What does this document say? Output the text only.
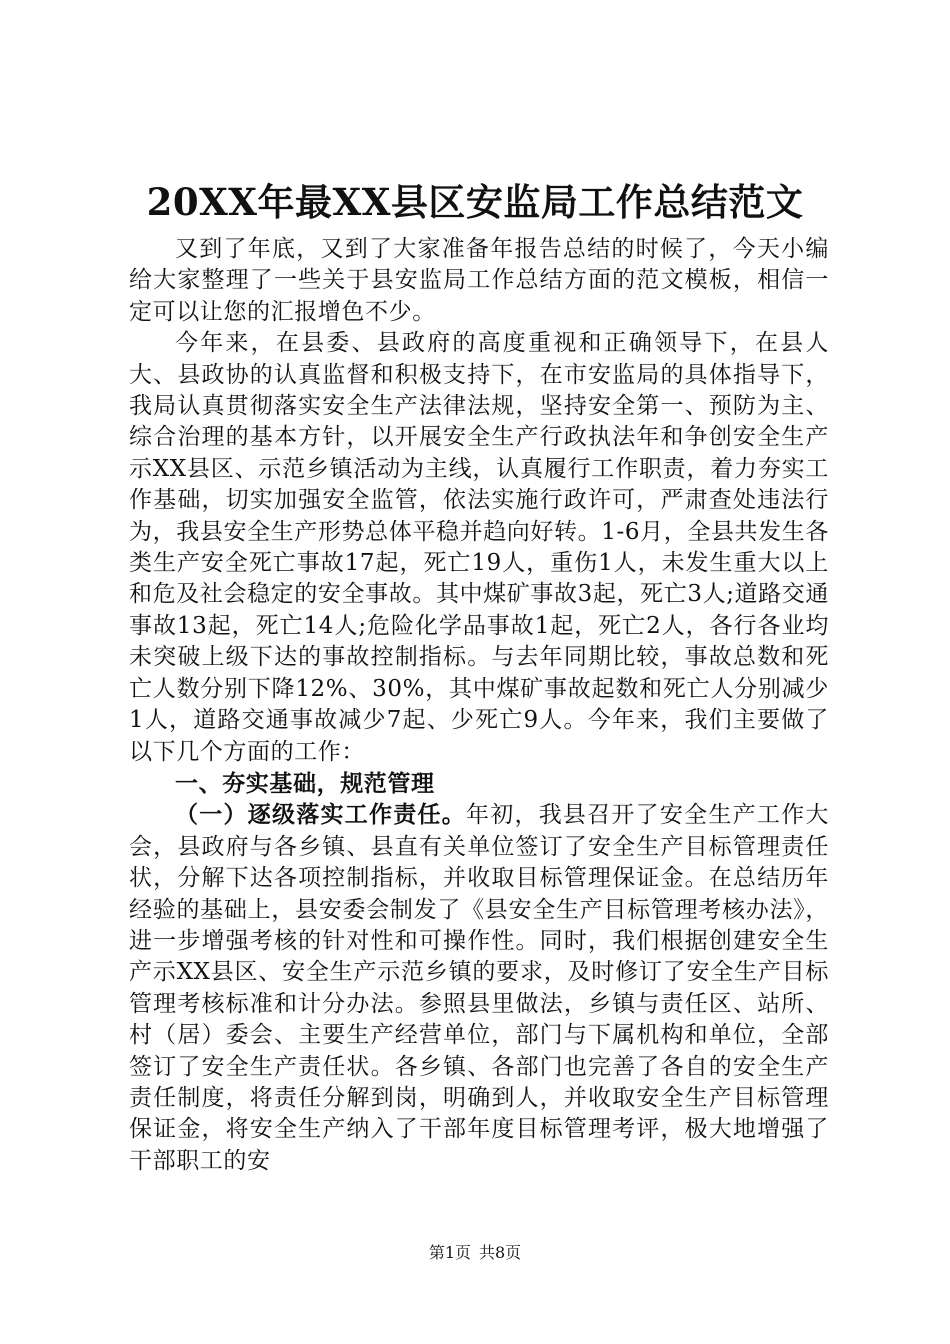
20XX年最XX县区安监局工作总结范文

又到了年底，又到了大家准备年报告总结的时候了，今天小编给大家整理了一些关于县安监局工作总结方面的范文模板，相信一定可以让您的汇报增色不少。

今年来，在县委、县政府的高度重视和正确领导下，在县人大、县政协的认真监督和积极支持下，在市安监局的具体指导下，我局认真贯彻落实安全生产法律法规，坚持安全第一、预防为主、综合治理的基本方针，以开展安全生产行政执法年和争创安全生产示XX县区、示范乡镇活动为主线，认真履行工作职责，着力夯实工作基础，切实加强安全监管，依法实施行政许可，严肃查处违法行为，我县安全生产形势总体平稳并趋向好转。1-6月，全县共发生各类生产安全死亡事故17起，死亡19人，重伤1人，未发生重大以上和危及社会稳定的安全事故。其中煤矿事故3起，死亡3人;道路交通事故13起，死亡14人;危险化学品事故1起，死亡2人，各行各业均未突破上级下达的事故控制指标。与去年同期比较，事故总数和死亡人数分别下降12%、30%，其中煤矿事故起数和死亡人分别减少1人，道路交通事故减少7起、少死亡9人。今年来，我们主要做了以下几个方面的工作：

一、夯实基础，规范管理

（一）逐级落实工作责任。年初，我县召开了安全生产工作大会，县政府与各乡镇、县直有关单位签订了安全生产目标管理责任状，分解下达各项控制指标，并收取目标管理保证金。在总结历年经验的基础上，县安委会制发了《县安全生产目标管理考核办法》，进一步增强考核的针对性和可操作性。同时，我们根据创建安全生产示XX县区、安全生产示范乡镇的要求，及时修订了安全生产目标管理考核标准和计分办法。参照县里做法，乡镇与责任区、站所、村（居）委会、主要生产经营单位，部门与下属机构和单位，全部签订了安全生产责任状。各乡镇、各部门也完善了各自的安全生产责任制度，将责任分解到岗，明确到人，并收取安全生产目标管理保证金，将安全生产纳入了干部年度目标管理考评，极大地增强了干部职工的安

第1页 共8页
